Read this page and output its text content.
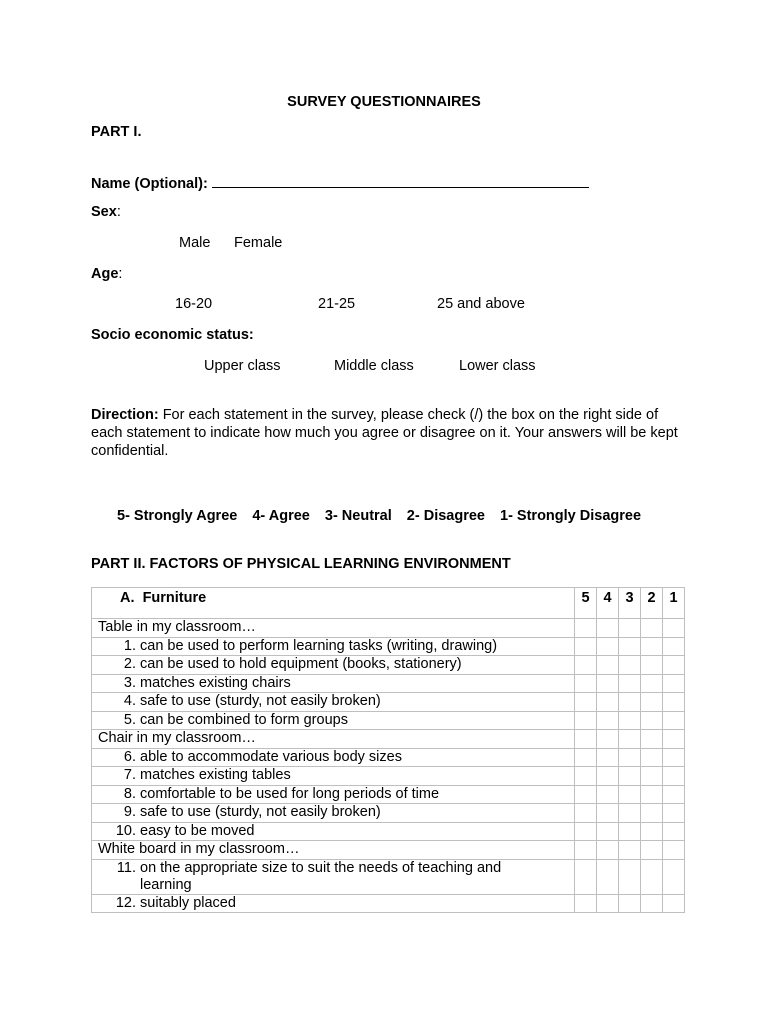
SURVEY QUESTIONNAIRES
PART I.
Name (Optional):
Sex:
Male Female
Age:
16-20	21-25	25 and above
Socio economic status:
Upper class	Middle class	Lower class
Direction: For each statement in the survey, please check (/) the box on the right side of each statement to indicate how much you agree or disagree on it. Your answers will be kept confidential.
5- Strongly Agree 4- Agree 3- Neutral 2- Disagree 1- Strongly Disagree
PART II. FACTORS OF PHYSICAL LEARNING ENVIRONMENT
A. Furniture	5	4	3	2	1
Table in my classroom…					

1. can be used to perform learning tasks (writing, drawing)					

2. can be used to hold equipment (books, stationery)					

3. matches existing chairs					

4. safe to use (sturdy, not easily broken)					

5. can be combined to form groups					

Chair in my classroom…					

6. able to accommodate various body sizes					

7. matches existing tables					

8. comfortable to be used for long periods of time					

9. safe to use (sturdy, not easily broken)					

10. easy to be moved					

White board in my classroom…					

11. on the appropriate size to suit the needs of teaching and learning					

12. suitably placed					
